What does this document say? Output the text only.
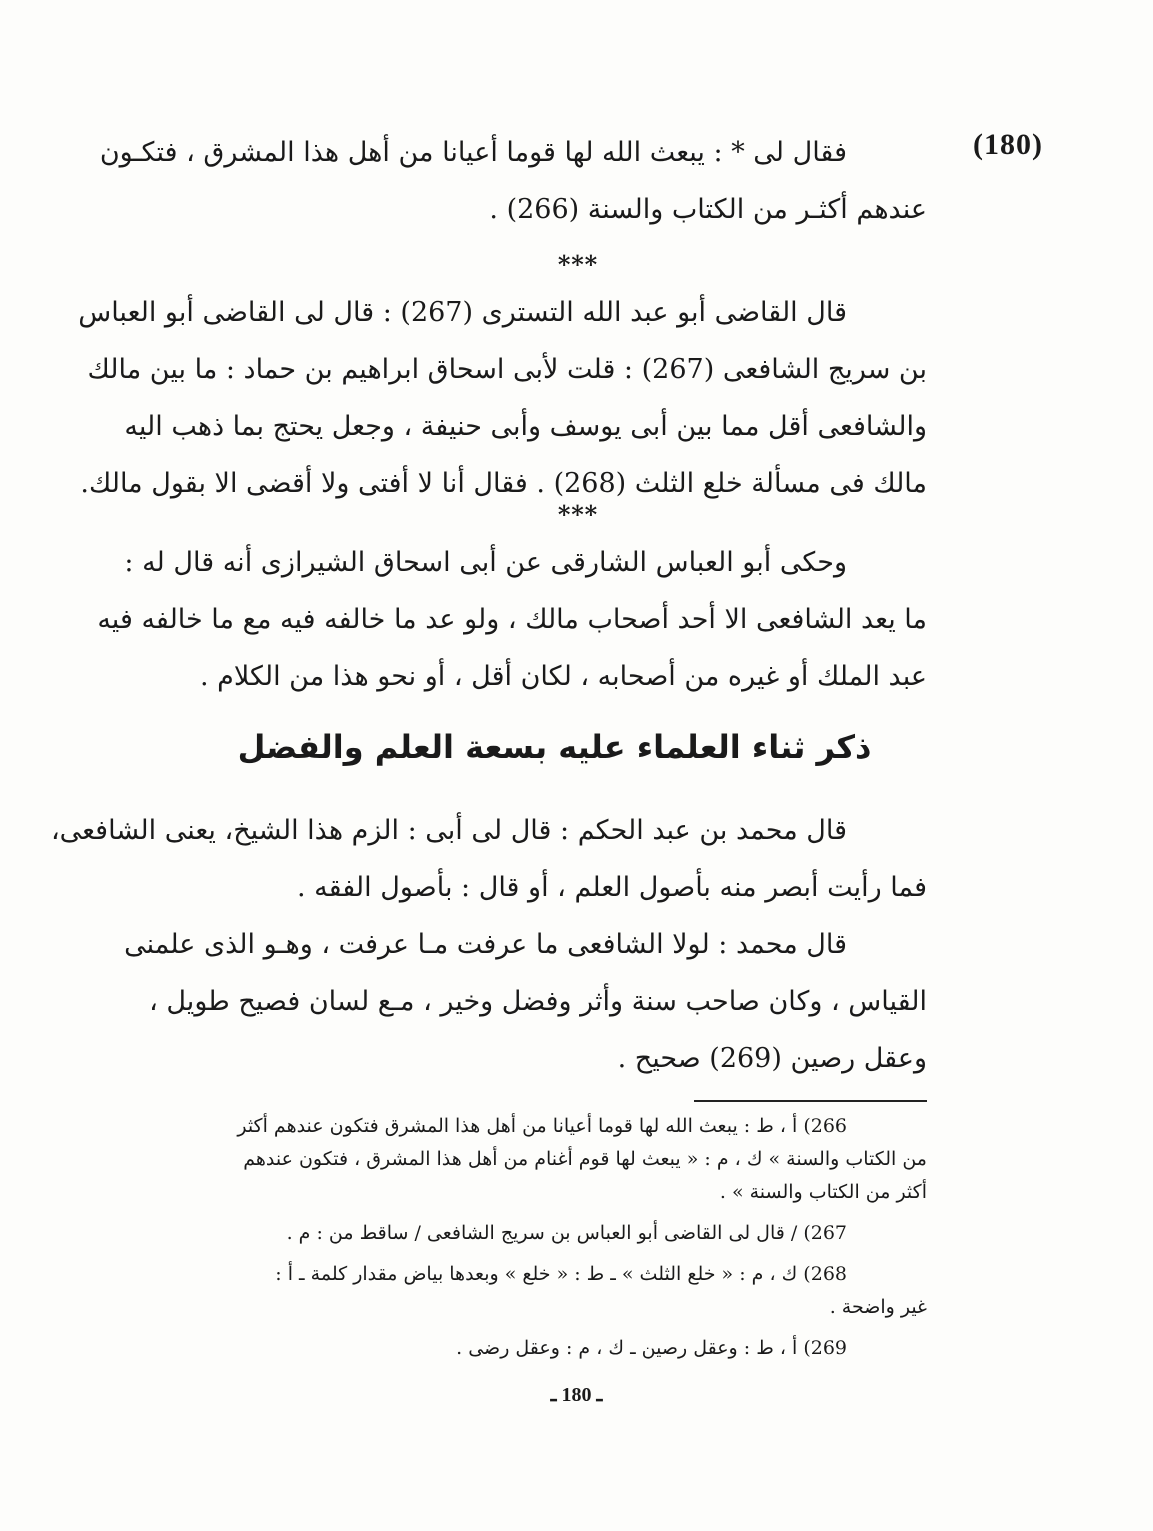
(180)
فقال لى * : يبعث الله لها قوما أعيانا من أهل هذا المشرق ، فتكـون
عندهم أكثـر من الكتاب والسنة (266) .
* * *
قال القاضى أبو عبد الله التسترى (267) : قال لى القاضى أبو العباس
بن سريج الشافعى (267) : قلت لأبى اسحاق ابراهيم بن حماد : ما بين مالك
والشافعى أقل مما بين أبى يوسف وأبى حنيفة ، وجعل يحتج بما ذهب اليه
مالك فى مسألة خلع الثلث (268) . فقال أنا لا أفتى ولا أقضى الا بقول مالك.
* * *
وحكى أبو العباس الشارقى عن أبى اسحاق الشيرازى أنه قال له :
ما يعد الشافعى الا أحد أصحاب مالك ، ولو عد ما خالفه فيه مع ما خالفه فيه
عبد الملك أو غيره من أصحابه ، لكان أقل ، أو نحو هذا من الكلام .
ذكر ثناء العلماء عليه بسعة العلم والفضل
قال محمد بن عبد الحكم : قال لى أبى : الزم هذا الشيخ، يعنى الشافعى،
فما رأيت أبصر منه بأصول العلم ، أو قال : بأصول الفقه .
قال محمد : لولا الشافعى ما عرفت مـا عرفت ، وهـو الذى علمنى
القياس ، وكان صاحب سنة وأثر وفضل وخير ، مـع لسان فصيح طويل ،
وعقل رصين (269) صحيح .
266) أ ، ط : يبعث الله لها قوما أعيانا من أهل هذا المشرق فتكون عندهم أكثر
من الكتاب والسنة » ك ، م : « يبعث لها قوم أغنام من أهل هذا المشرق ، فتكون عندهم
أكثر من الكتاب والسنة » .
267) / قال لى القاضى أبو العباس بن سريج الشافعى / ساقط من : م .
268) ك ، م : « خلع الثلث » ـ ط : « خلع » وبعدها بياض مقدار كلمة ـ أ :
غير واضحة .
269) أ ، ط : وعقل رصين ـ ك ، م : وعقل رضى .
ـ 180 ـ
